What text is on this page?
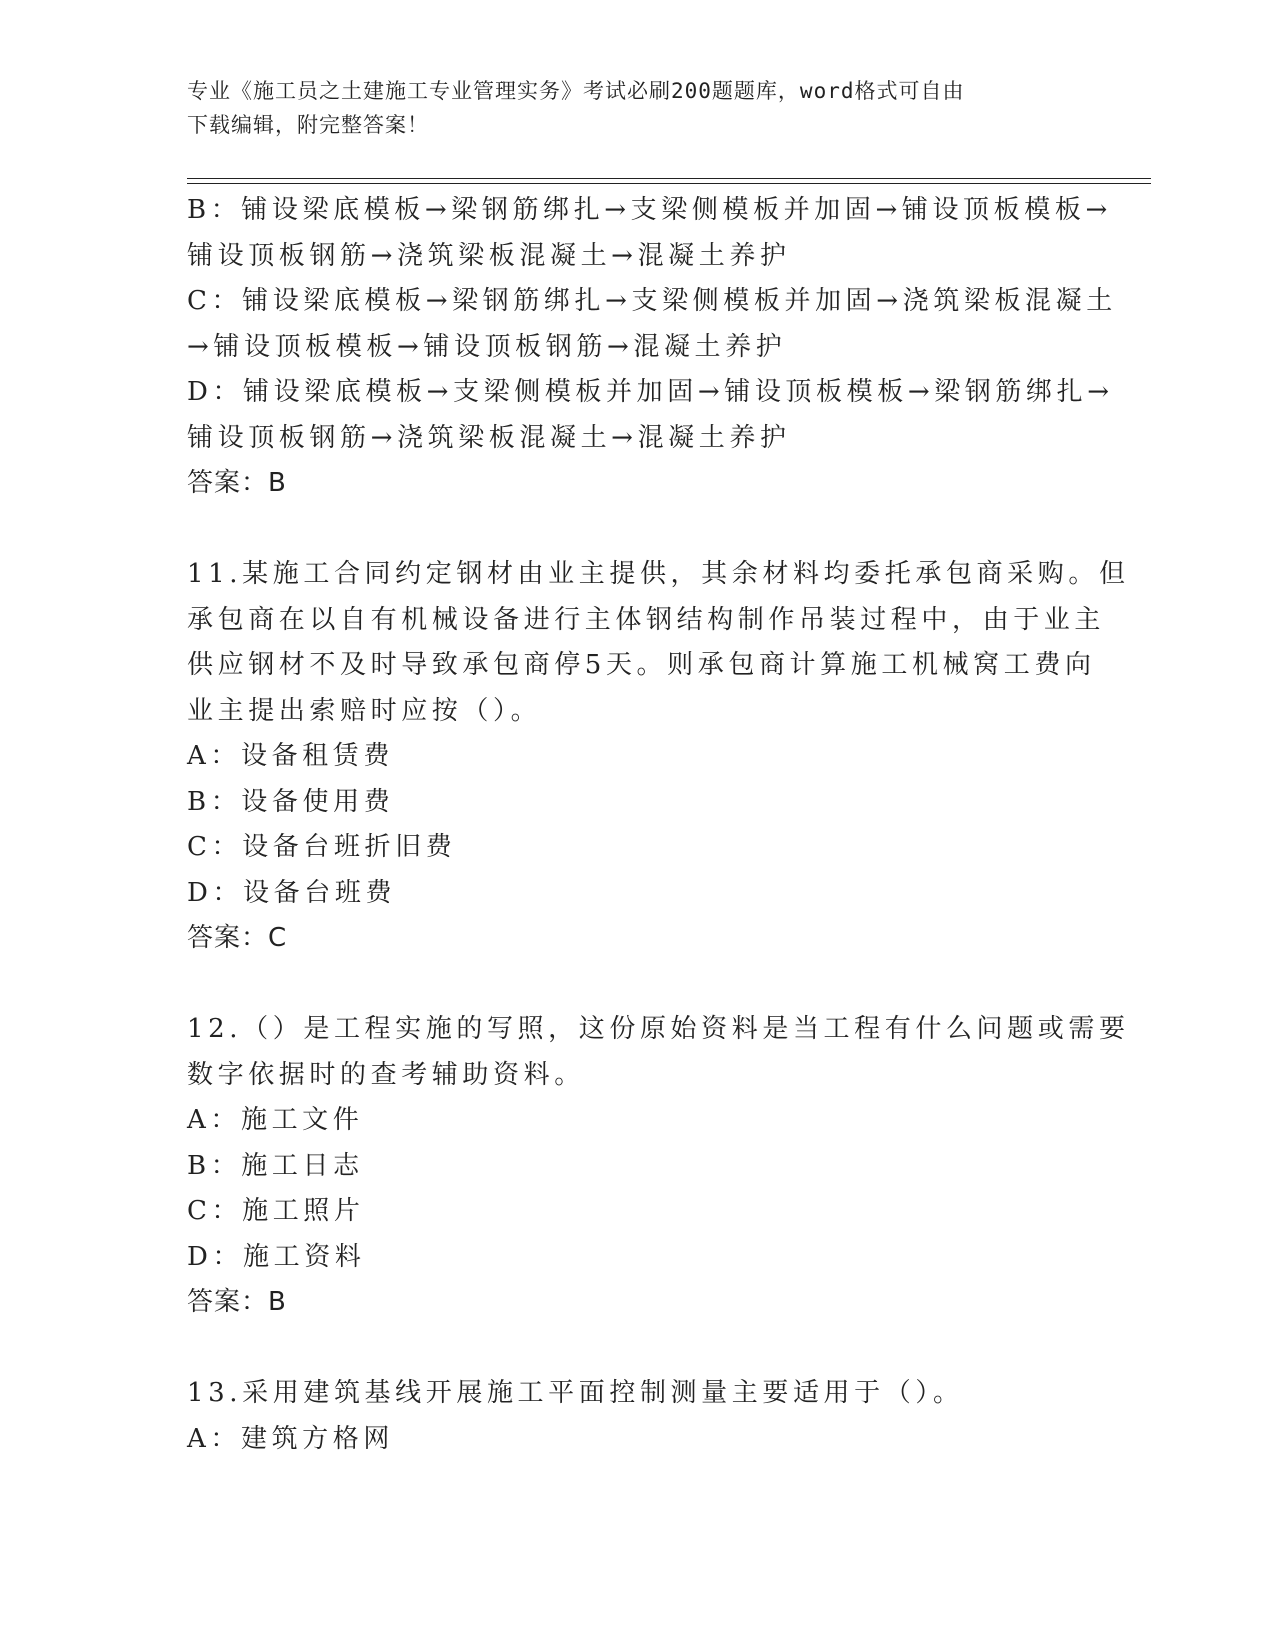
专业《施工员之土建施工专业管理实务》考试必刷200题题库，word格式可自由
下载编辑，附完整答案！
B：铺设梁底模板→梁钢筋绑扎→支梁侧模板并加固→铺设顶板模板→
铺设顶板钢筋→浇筑梁板混凝土→混凝土养护
C：铺设梁底模板→梁钢筋绑扎→支梁侧模板并加固→浇筑梁板混凝土
→铺设顶板模板→铺设顶板钢筋→混凝土养护
D：铺设梁底模板→支梁侧模板并加固→铺设顶板模板→梁钢筋绑扎→
铺设顶板钢筋→浇筑梁板混凝土→混凝土养护
答案：B
11.某施工合同约定钢材由业主提供，其余材料均委托承包商采购。但
承包商在以自有机械设备进行主体钢结构制作吊装过程中，由于业主
供应钢材不及时导致承包商停5天。则承包商计算施工机械窝工费向
业主提出索赔时应按（）。
A：设备租赁费
B：设备使用费
C：设备台班折旧费
D：设备台班费
答案：C
12.（）是工程实施的写照，这份原始资料是当工程有什么问题或需要
数字依据时的查考辅助资料。
A：施工文件
B：施工日志
C：施工照片
D：施工资料
答案：B
13.采用建筑基线开展施工平面控制测量主要适用于（）。
A：建筑方格网
